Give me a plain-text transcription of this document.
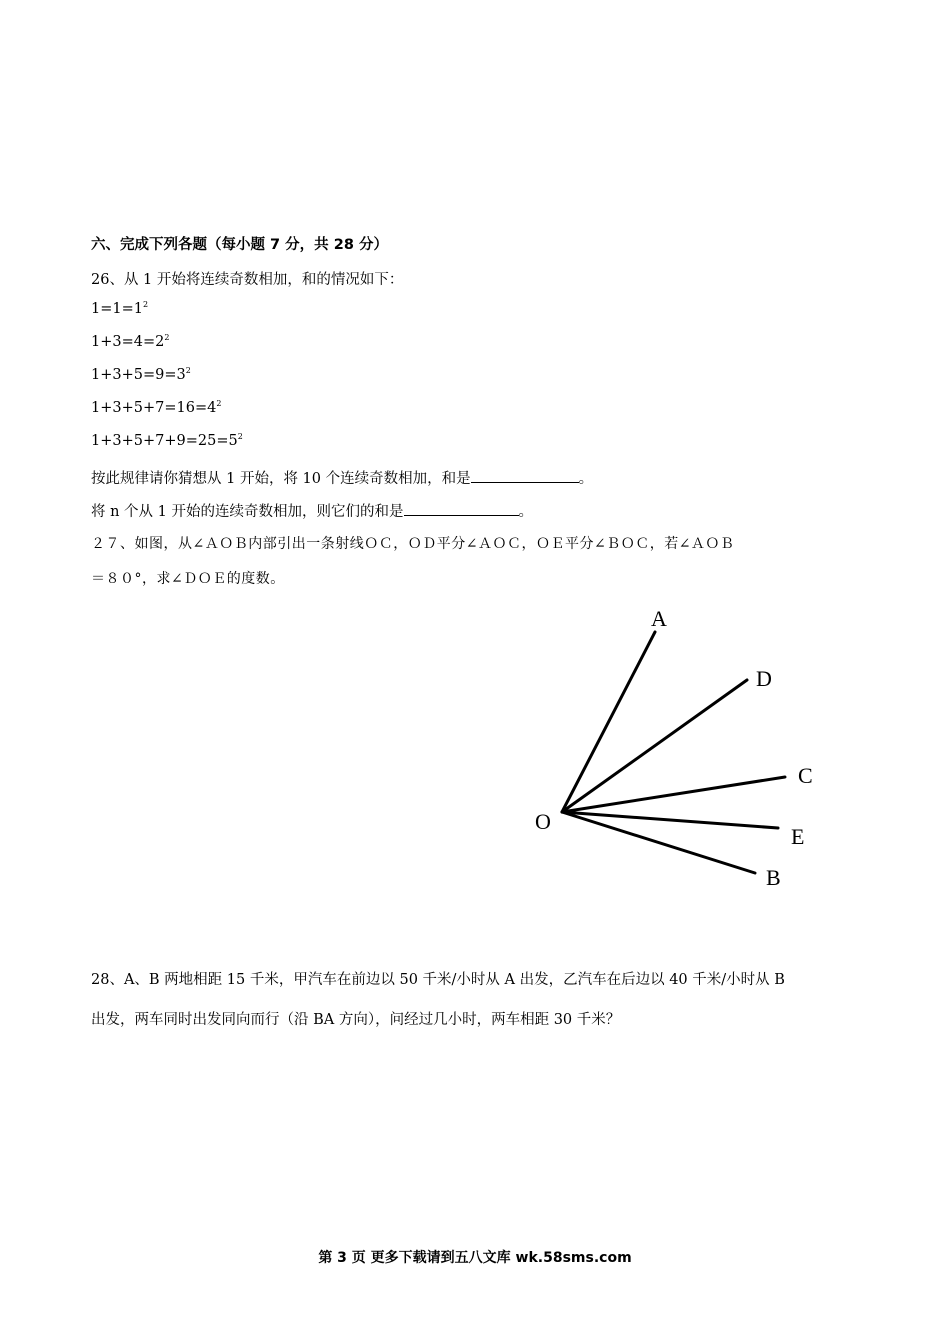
六、完成下列各题（每小题 7 分，共 28 分）
26、从 1 开始将连续奇数相加，和的情况如下：
$1=1=1^2$
$1+3=4=2^2$
$1+3+5=9=3^2$
$1+3+5+7=16=4^2$
$1+3+5+7+9=25=5^2$
按此规律请你猜想从 1 开始，将 10 个连续奇数相加，和是	。
将 n 个从 1 开始的连续奇数相加，则它们的和是	。
２７、如图，从∠ＡＯＢ内部引出一条射线ＯＣ，ＯＤ平分∠ＡＯＣ，ＯＥ平分∠ＢＯＣ，若∠ＡＯＢ
＝８０°，求∠ＤＯＥ的度数。
O
A
D
C
E
B
28、A、B 两地相距 15 千米，甲汽车在前边以 50 千米/小时从 A 出发，乙汽车在后边以 40 千米/小时从 B
出发，两车同时出发同向而行（沿 BA 方向），问经过几小时，两车相距 30 千米？
第 3 页 更多下载请到五八文库 wk.58sms.com
